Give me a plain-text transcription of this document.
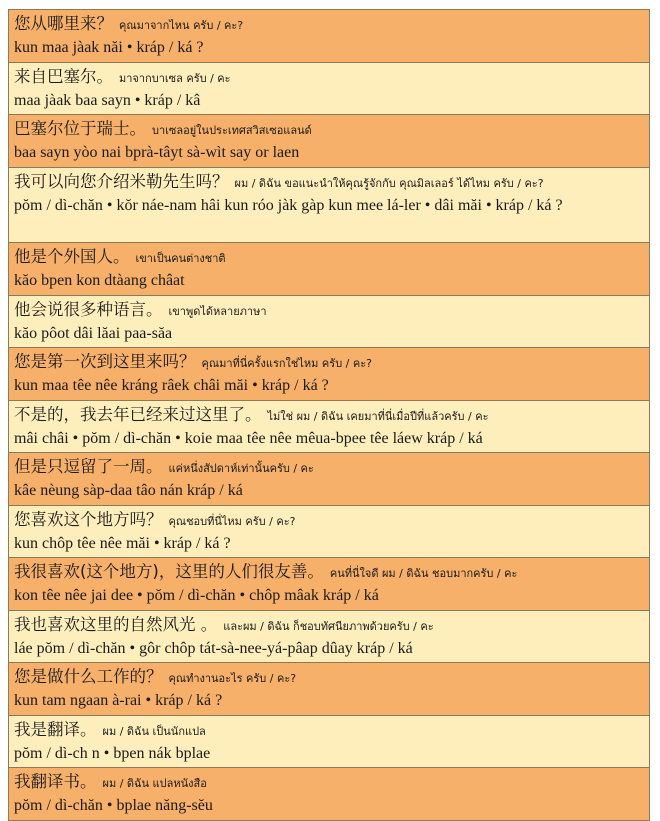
您从哪里来？ คุณมาจากไหน ครับ / คะ?
kun maa jàak năi • kráp / ká ?
来自巴塞尔。 มาจากบาเซล ครับ / คะ
maa jàak baa sayn • kráp / kâ
巴塞尔位于瑞士。 บาเซลอยู่ในประเทศสวิสเซอแลนด์
baa sayn yòo nai bprà-tâyt sà-wìt say or laen
我可以向您介绍米勒先生吗？ ผม / ดิฉัน ขอแนะนำให้คุณรู้จักกับ คุณมิลเลอร์ ได้ไหม ครับ / คะ?
pŏm / dì-chăn • kŏr náe-nam hâi kun róo jàk gàp kun mee lá-ler • dâi măi • kráp / ká ?
他是个外国人。 เขาเป็นคนต่างชาติ
kăo bpen kon dtàang châat
他会说很多种语言。 เขาพูดได้หลายภาษา
kăo pôot dâi lăai paa-săa
您是第一次到这里来吗？ คุณมาที่นี่ครั้งแรกใช่ไหม ครับ / คะ?
kun maa têe nêe kráng râek châi măi • kráp / ká ?
不是的，我去年已经来过这里了。 ไม่ใช่ ผม / ดิฉัน เคยมาที่นี่เมื่อปีที่แล้วครับ / คะ
mâi châi • pŏm / dì-chăn • koie maa têe nêe mêua-bpee têe láew kráp / ká
但是只逗留了一周。 แค่หนึ่งสัปดาห์เท่านั้นครับ / คะ
kâe nèung sàp-daa tâo nán kráp / ká
您喜欢这个地方吗？ คุณชอบที่นี่ไหม ครับ / คะ?
kun chôp têe nêe măi • kráp / ká ?
我很喜欢(这个地方)，这里的人们很友善。 คนที่นี่ใจดี ผม / ดิฉัน ชอบมากครับ / คะ
kon têe nêe jai dee • pŏm / dì-chăn • chôp mâak kráp / ká
我也喜欢这里的自然风光 。 และผม / ดิฉัน ก็ชอบทัศนียภาพด้วยครับ / คะ
láe pŏm / dì-chăn • gôr chôp tát-sà-nee-yá-pâap dûay kráp / ká
您是做什么工作的？ คุณทำงานอะไร ครับ / คะ?
kun tam ngaan à-rai • kráp / ká ?
我是翻译。 ผม / ดิฉัน เป็นนักแปล
pŏm / dì-ch n • bpen nák bplae
我翻译书。 ผม / ดิฉัน แปลหนังสือ
pŏm / dì-chăn • bplae năng-sĕu
